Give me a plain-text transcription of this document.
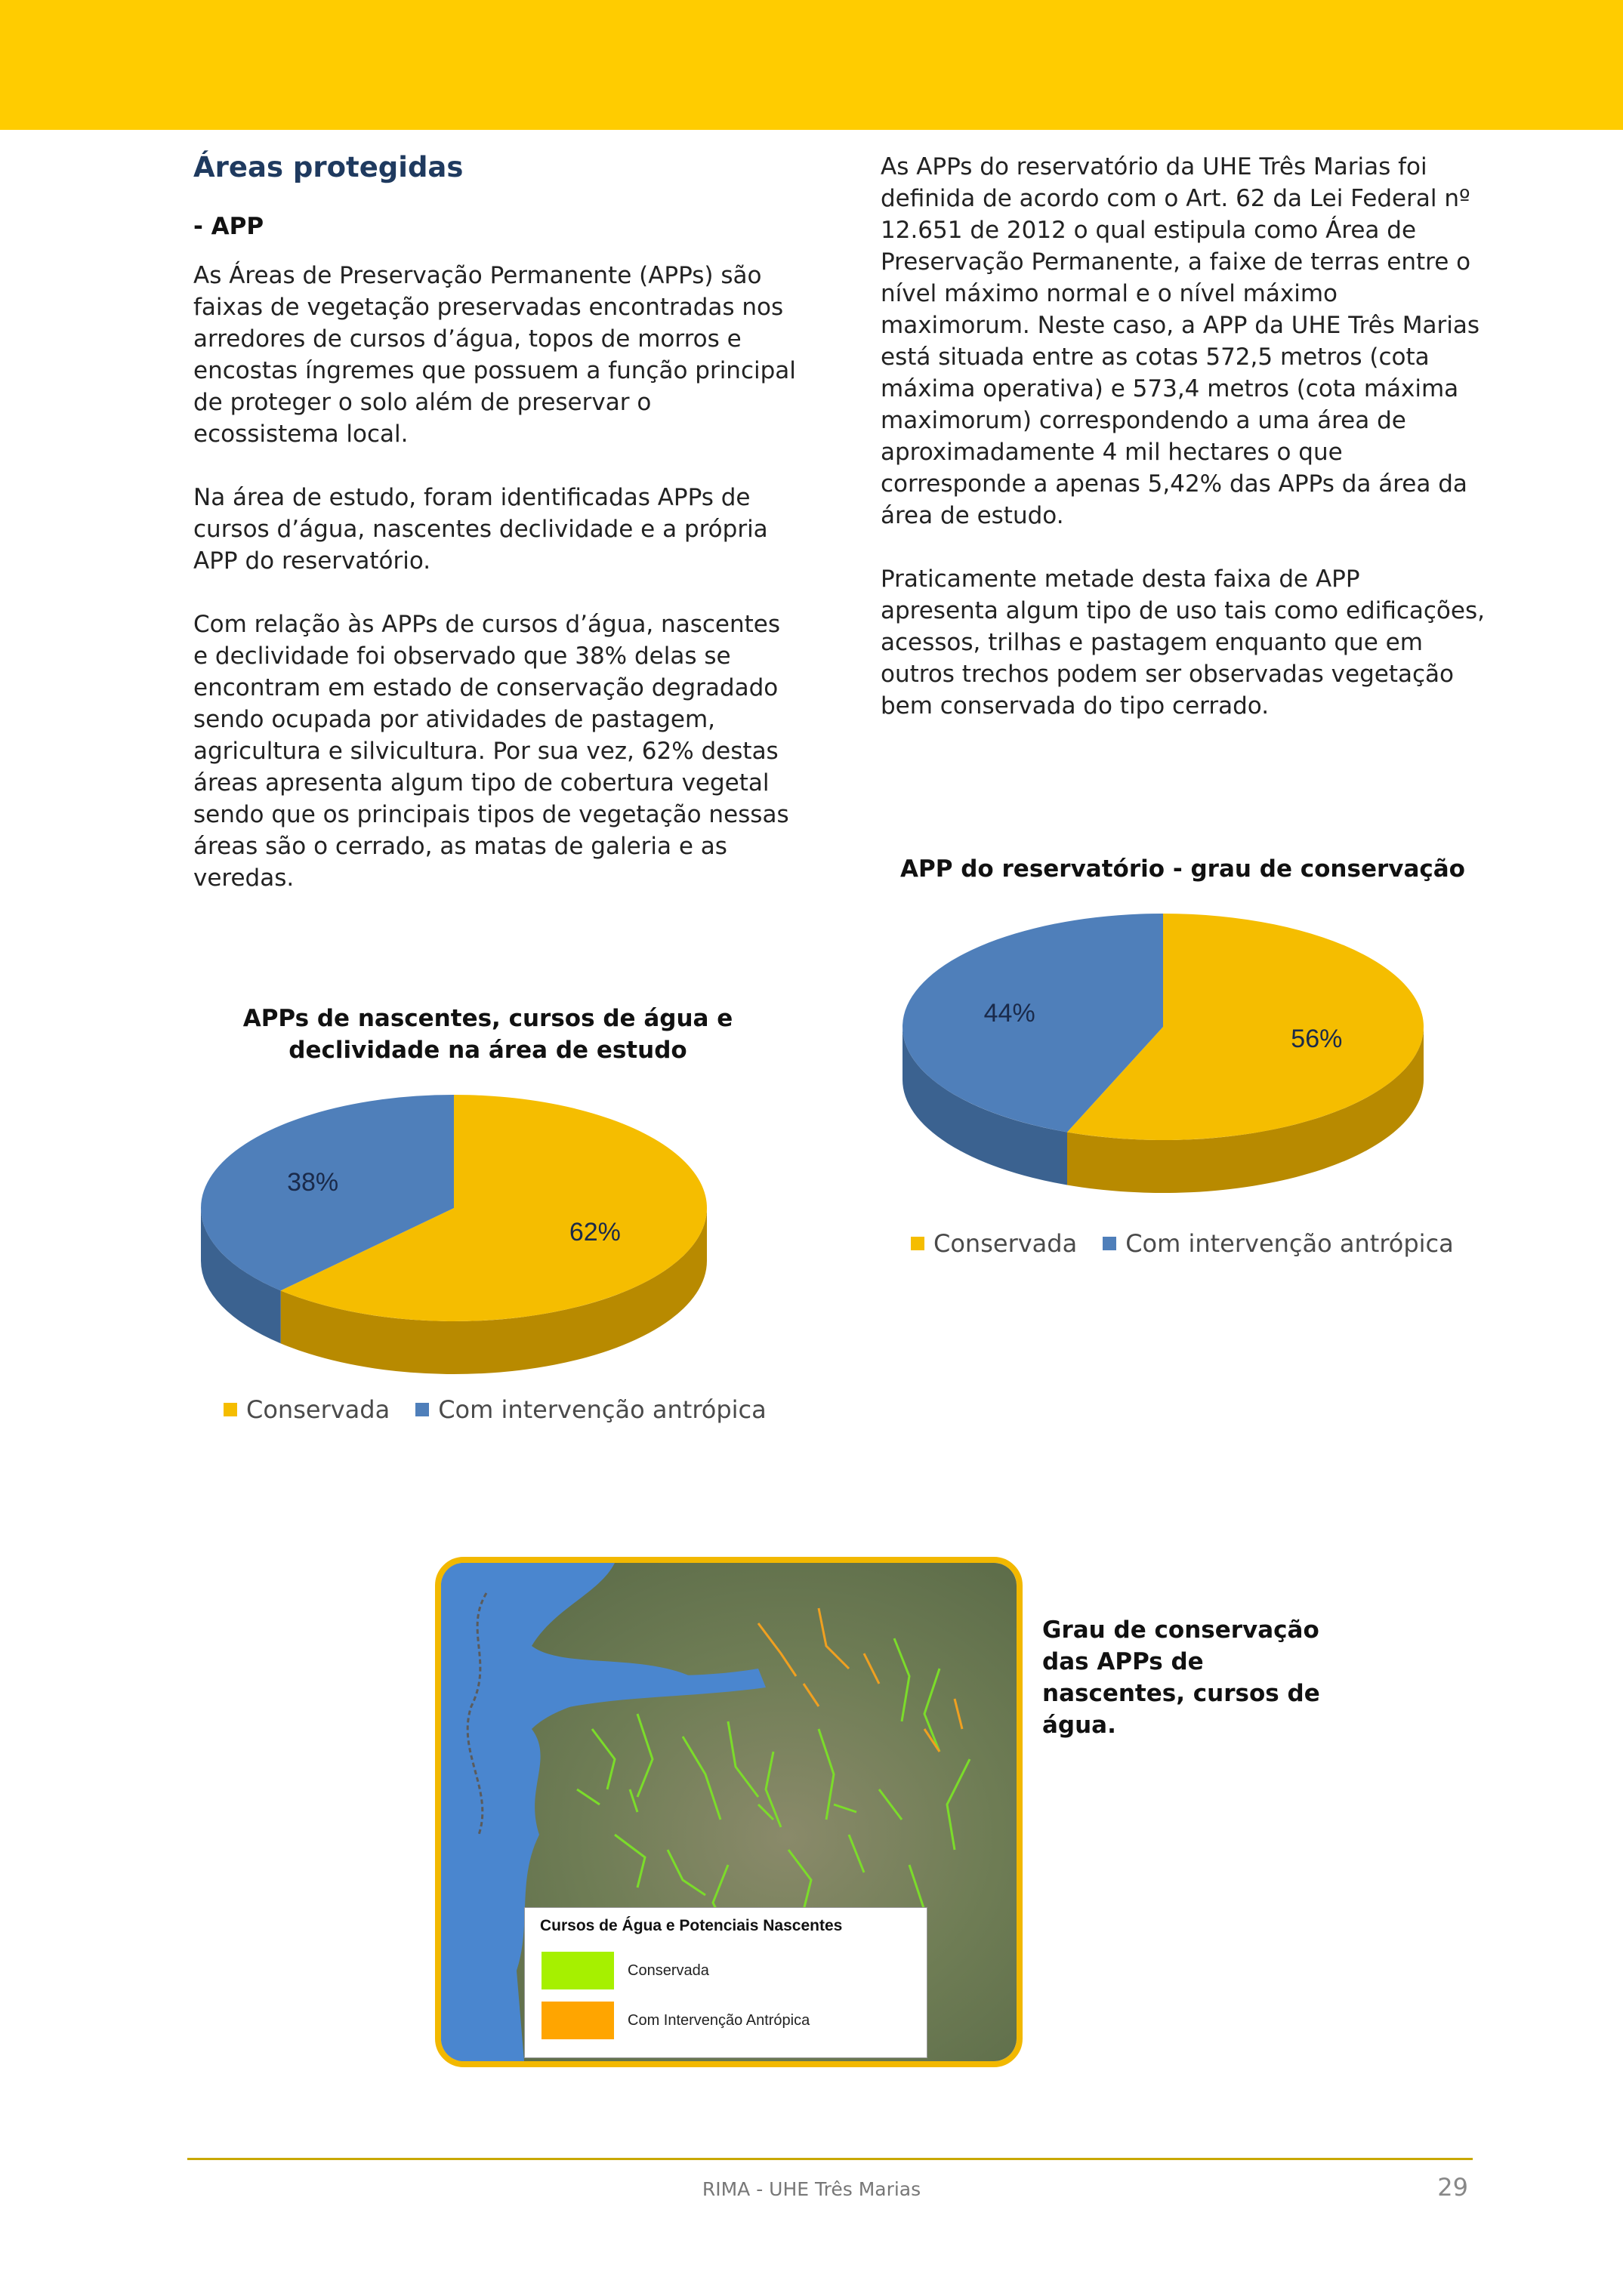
Áreas protegidas
- APP

As Áreas de Preservação Permanente (APPs) são faixas de vegetação preservadas encontradas nos arredores de cursos d’água, topos de morros e encostas íngremes que possuem a função principal de proteger o solo além de preservar o ecossistema local.

Na área de estudo, foram identificadas APPs de cursos d’água, nascentes declividade e a própria APP do reservatório.

Com relação às APPs de cursos d’água, nascentes e declividade foi observado que 38% delas se encontram em estado de conservação degradado sendo ocupada por atividades de pastagem, agricultura e silvicultura. Por sua vez, 62% destas áreas apresenta algum tipo de cobertura vegetal sendo que os principais tipos de vegetação nessas áreas são o cerrado, as matas de galeria e as veredas.

As APPs do reservatório da UHE Três Marias foi definida de acordo com o Art. 62 da Lei Federal nº 12.651 de 2012 o qual estipula como Área de Preservação Permanente, a faixe de terras entre o nível máximo normal e o nível máximo maximorum. Neste caso, a APP da UHE Três Marias está situada entre as cotas 572,5 metros (cota máxima operativa) e 573,4 metros (cota máxima maximorum) correspondendo a uma área de aproximadamente 4 mil hectares o que corresponde a apenas 5,42% das APPs da área da área de estudo.

Praticamente metade desta faixa de APP apresenta algum tipo de uso tais como edificações, acessos, trilhas e pastagem enquanto que em outros trechos podem ser observadas vegetação bem conservada do tipo cerrado.

APPs de nascentes, cursos de água e declividade na área de estudo
62%
38%
Conservada Com intervenção antrópica
APP do reservatório - grau de conservação
56%
44%
Conservada Com intervenção antrópica
Cursos de Água e Potenciais Nascentes
Conservada
Com Intervenção Antrópica
Grau de conservação das APPs de nascentes, cursos de água.
RIMA - UHE Três Marias	29
